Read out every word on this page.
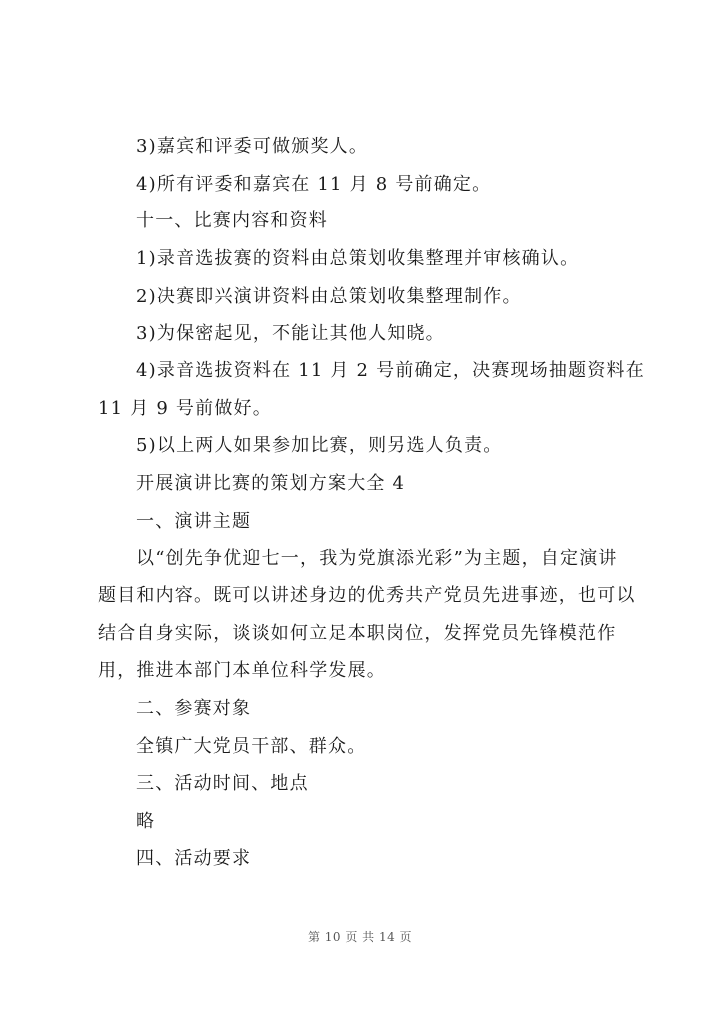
3)嘉宾和评委可做颁奖人。
4)所有评委和嘉宾在 11 月 8 号前确定。
十一、比赛内容和资料
1)录音选拔赛的资料由总策划收集整理并审核确认。
2)决赛即兴演讲资料由总策划收集整理制作。
3)为保密起见，不能让其他人知晓。
4)录音选拔资料在 11 月 2 号前确定，决赛现场抽题资料在
11 月 9 号前做好。
5)以上两人如果参加比赛，则另选人负责。
开展演讲比赛的策划方案大全 4
一、演讲主题
以“创先争优迎七一，我为党旗添光彩”为主题，自定演讲
题目和内容。既可以讲述身边的优秀共产党员先进事迹，也可以
结合自身实际，谈谈如何立足本职岗位，发挥党员先锋模范作
用，推进本部门本单位科学发展。
二、参赛对象
全镇广大党员干部、群众。
三、活动时间、地点
略
四、活动要求
第 10 页 共 14 页
